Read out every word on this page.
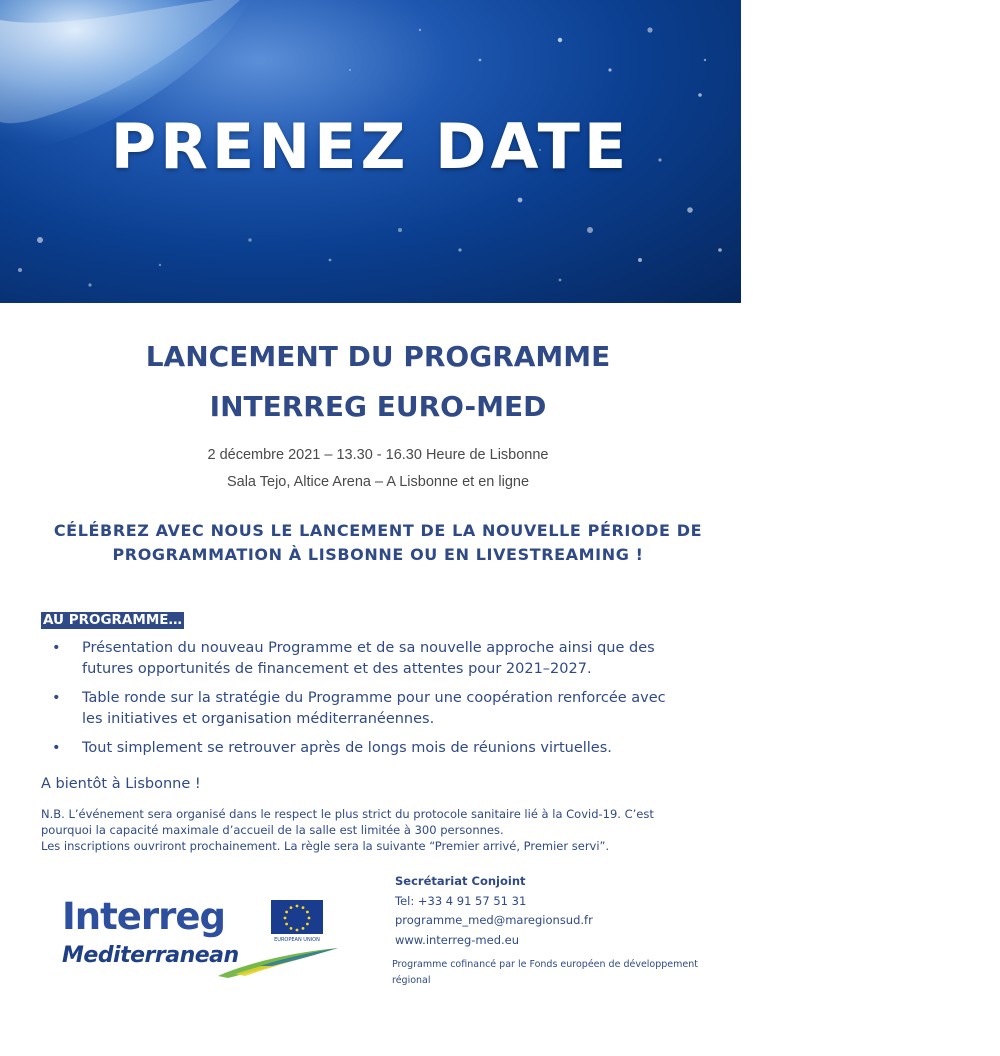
PRENEZ DATE
LANCEMENT DU PROGRAMME
INTERREG EURO-MED
2 décembre 2021 – 13.30 - 16.30 Heure de Lisbonne
Sala Tejo, Altice Arena – A Lisbonne et en ligne
CÉLÉBREZ AVEC NOUS LE LANCEMENT DE LA NOUVELLE PÉRIODE DE
PROGRAMMATION À LISBONNE OU EN LIVESTREAMING !
AU PROGRAMME…
• Présentation du nouveau Programme et de sa nouvelle approche ainsi que des
futures opportunités de financement et des attentes pour 2021–2027.
• Table ronde sur la stratégie du Programme pour une coopération renforcée avec
les initiatives et organisation méditerranéennes.
• Tout simplement se retrouver après de longs mois de réunions virtuelles.
A bientôt à Lisbonne !
N.B. L’événement sera organisé dans le respect le plus strict du protocole sanitaire lié à la Covid-19. C’est
pourquoi la capacité maximale d’accueil de la salle est limitée à 300 personnes.
Les inscriptions ouvriront prochainement. La règle sera la suivante “Premier arrivé, Premier servi”.
Interreg
EUROPEAN UNION
Mediterranean
Secrétariat Conjoint
Tel: +33 4 91 57 51 31
programme_med@maregionsud.fr
www.interreg-med.eu
Programme cofinancé par le Fonds européen de développement régional
